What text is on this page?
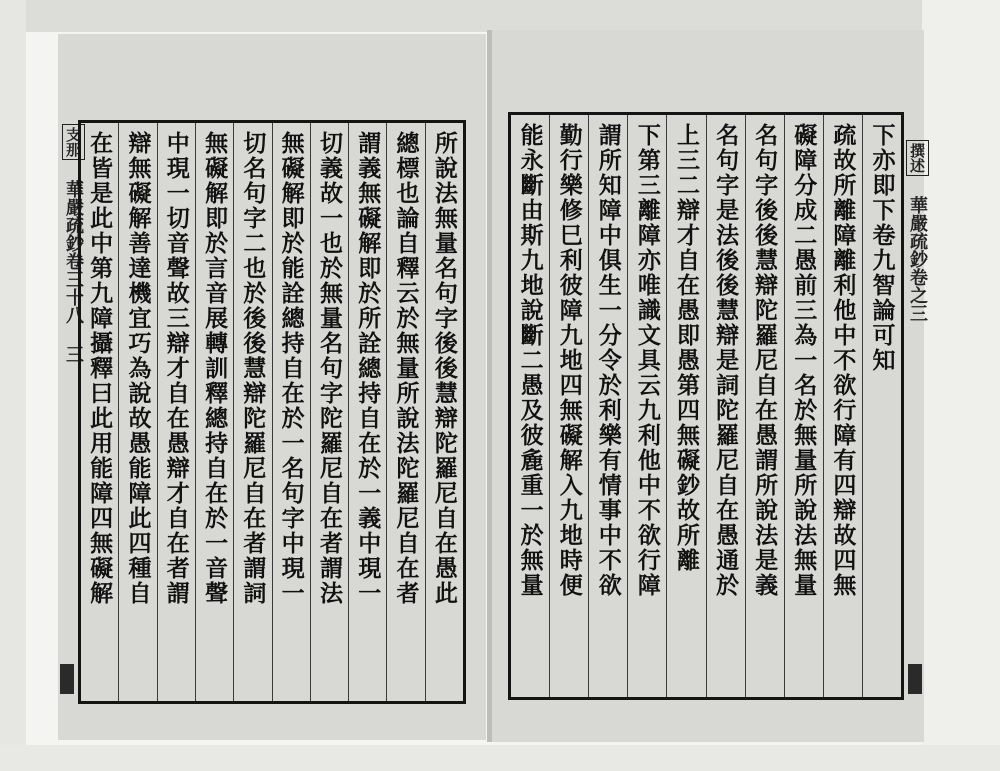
支那 華嚴疏鈔卷三十八 三	所說法無量名句字後後慧辯陀羅尼自在愚此
總標也論自釋云於無量所說法陀羅尼自在者
謂義無礙解即於所詮總持自在於一義中現一
切義故一也於無量名句字陀羅尼自在者謂法
無礙解即於能詮總持自在於一名句字中現一
切名句字二也於後後慧辯陀羅尼自在者謂詞
無礙解即於言音展轉訓釋總持自在於一音聲
中現一切音聲故三辯才自在愚辯才自在者謂
辯無礙解善達機宜巧為說故愚能障此四種自
在皆是此中第九障攝釋曰此用能障四無礙解	下亦即下卷九智論可知
疏故所離障離利他中不欲行障有四辯故四無
礙障分成二愚前三為一名於無量所說法無量
名句字後後慧辯陀羅尼自在愚謂所說法是義
名句字是法後後慧辯是詞陀羅尼自在愚通於
上三二辯才自在愚即愚第四無礙鈔故所離
下第三離障亦唯識文具云九利他中不欲行障
謂所知障中俱生一分令於利樂有情事中不欲
勤行樂修巳利彼障九地四無礙解入九地時便
能永斷由斯九地說斷二愚及彼麁重一於無量	撰述 華嚴疏鈔卷之三
